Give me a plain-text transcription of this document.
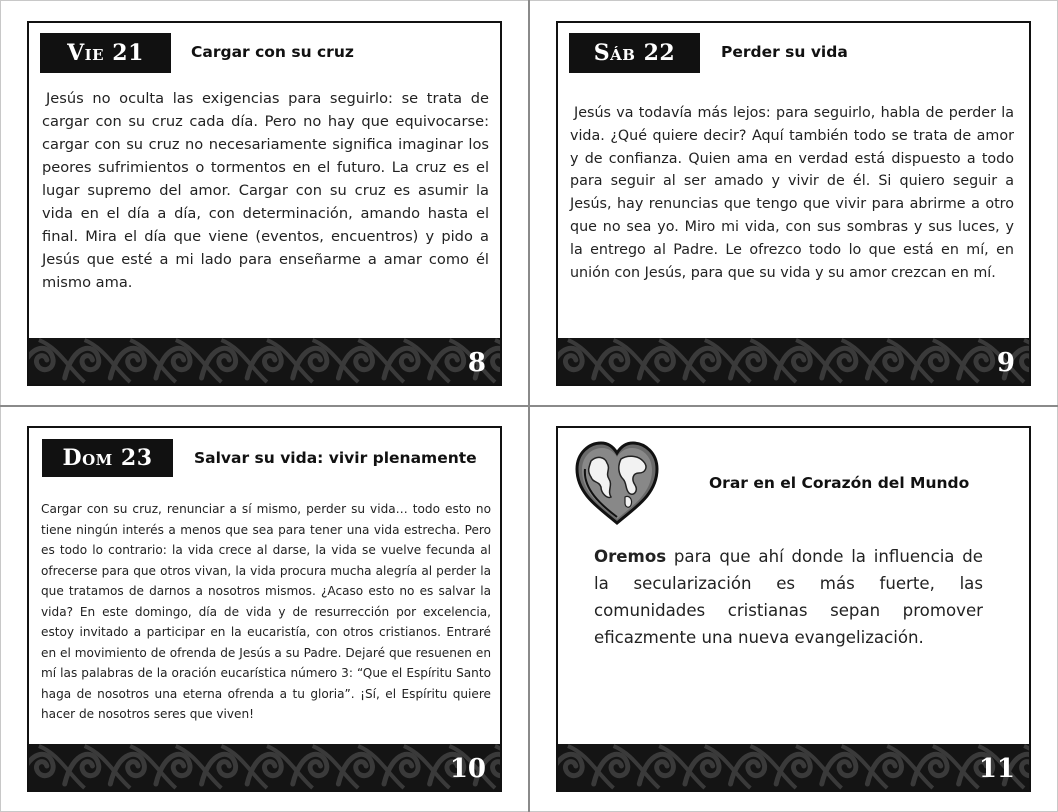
Vie 21	Cargar con su cruz
Jesús no oculta las exigencias para seguirlo: se trata de cargar con su cruz cada día. Pero no hay que equivocarse: cargar con su cruz no necesariamente significa imaginar los peores sufrimientos o tormentos en el futuro. La cruz es el lugar supremo del amor. Cargar con su cruz es asumir la vida en el día a día, con determinación, amando hasta el final. Mira el día que viene (eventos, encuentros) y pido a Jesús que esté a mi lado para enseñarme a amar como él mismo ama.
8
Sáb 22	Perder su vida
Jesús va todavía más lejos: para seguirlo, habla de perder la vida. ¿Qué quiere decir? Aquí también todo se trata de amor y de confianza. Quien ama en verdad está dispuesto a todo para seguir al ser amado y vivir de él. Si quiero seguir a Jesús, hay renuncias que tengo que vivir para abrirme a otro que no sea yo. Miro mi vida, con sus sombras y sus luces, y la entrego al Padre. Le ofrezco todo lo que está en mí, en unión con Jesús, para que su vida y su amor crezcan en mí.
9
Dom 23	Salvar su vida: vivir plenamente
Cargar con su cruz, renunciar a sí mismo, perder su vida… todo esto no tiene ningún interés a menos que sea para tener una vida estrecha. Pero es todo lo contrario: la vida crece al darse, la vida se vuelve fecunda al ofrecerse para que otros vivan, la vida procura mucha alegría al perder la que tratamos de darnos a nosotros mismos. ¿Acaso esto no es salvar la vida? En este domingo, día de vida y de resurrección por excelencia, estoy invitado a participar en la eucaristía, con otros cristianos. Entraré en el movimiento de ofrenda de Jesús a su Padre. Dejaré que resuenen en mí las palabras de la oración eucarística número 3: “Que el Espíritu Santo haga de nosotros una eterna ofrenda a tu gloria”. ¡Sí, el Espíritu quiere hacer de nosotros seres que viven!
10
Orar en el Corazón del Mundo
Oremos para que ahí donde la influencia de la secularización es más fuerte, las comunidades cristianas sepan promover eficazmente una nueva evangelización.
11
